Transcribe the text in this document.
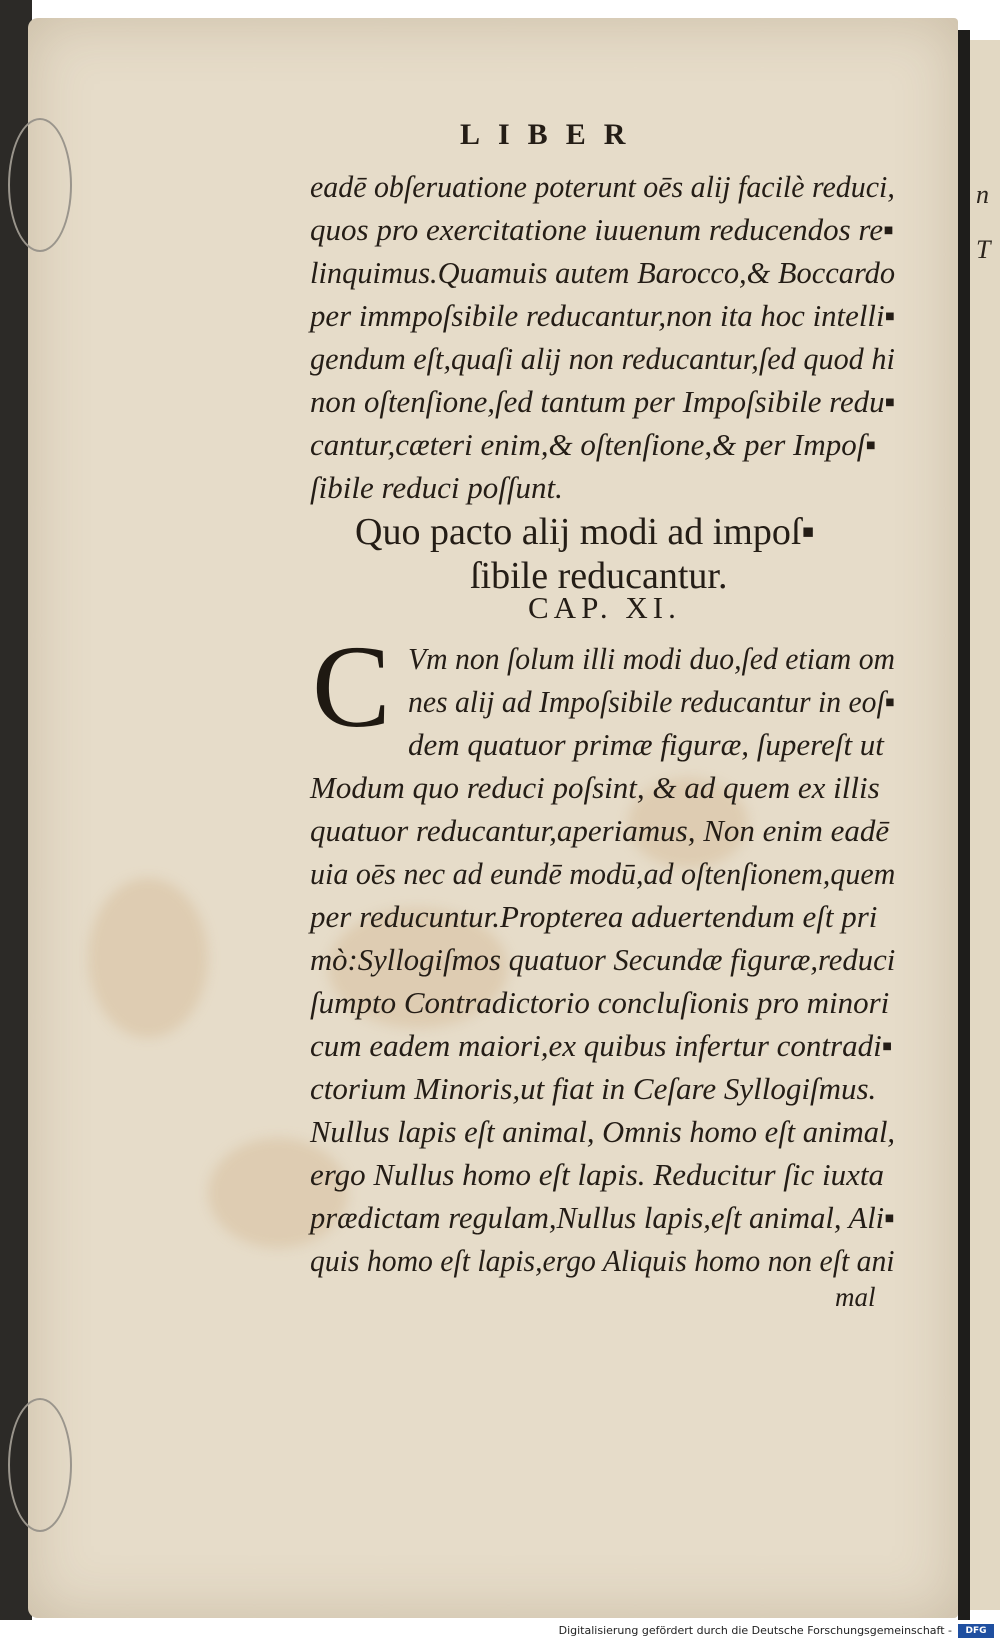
n
T
LIBER
eadē obſeruatione poterunt oēs alij facilè reduci,
quos pro exercitatione iuuenum reducendos re▪
linquimus.Quamuis autem Barocco,& Boccardo
per immpoſsibile reducantur,non ita hoc intelli▪
gendum eſt,quaſi alij non reducantur,ſed quod hi
non oſtenſione,ſed tantum per Impoſsibile redu▪
cantur,cæteri enim,& oſtenſione,& per Impoſ▪
ſibile reduci poſſunt.
Quo pacto alij modi ad impoſ▪
ſibile reducantur.
CAP. XI.
C Vm non ſolum illi modi duo,ſed etiam om
nes alij ad Impoſsibile reducantur in eoſ▪
dem quatuor primæ figuræ, ſupereſt ut
Modum quo reduci poſsint, & ad quem ex illis
quatuor reducantur,aperiamus, Non enim eadē
uia oēs nec ad eundē modū,ad oſtenſionem,quem
per reducuntur.Propterea aduertendum eſt pri
mò:Syllogiſmos quatuor Secundæ figuræ,reduci
ſumpto Contradictorio concluſionis pro minori
cum eadem maiori,ex quibus infertur contradi▪
ctorium Minoris,ut fiat in Ceſare Syllogiſmus.
Nullus lapis eſt animal, Omnis homo eſt animal,
ergo Nullus homo eſt lapis. Reducitur ſic iuxta
prædictam regulam,Nullus lapis,eſt animal, Ali▪
quis homo eſt lapis,ergo Aliquis homo non eſt ani
mal
Digitalisierung gefördert durch die Deutsche Forschungsgemeinschaft -	DFG
